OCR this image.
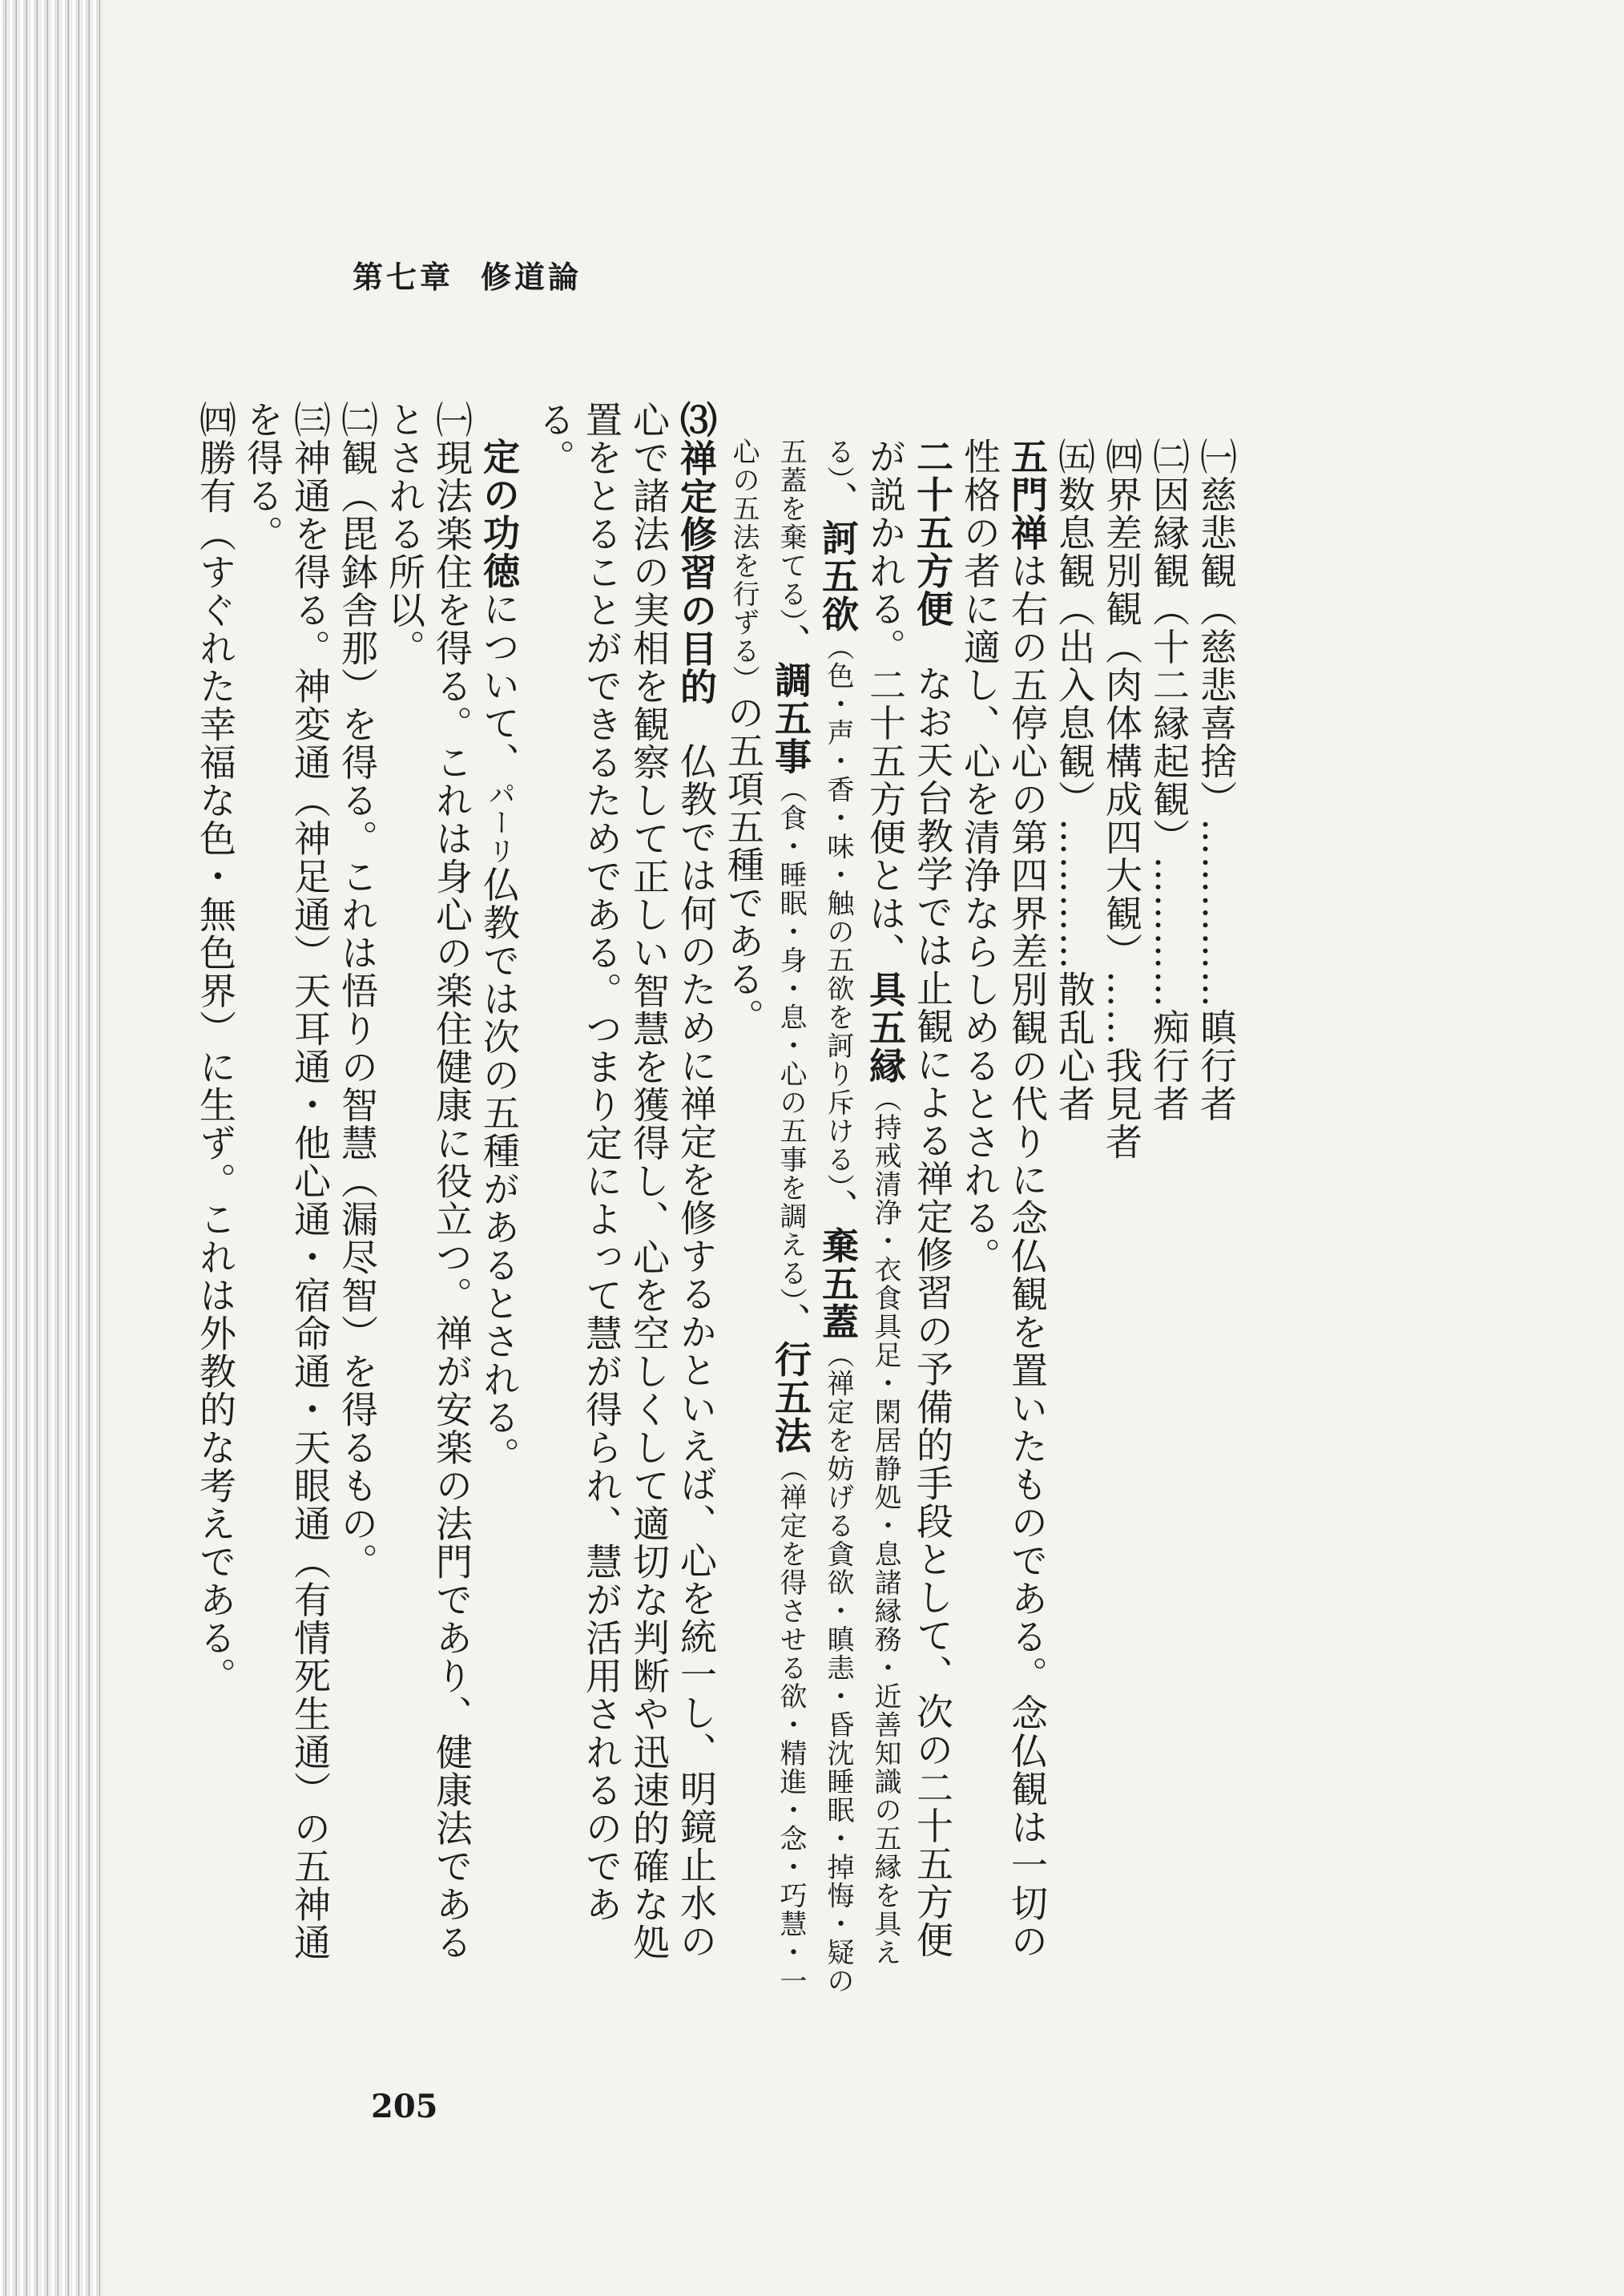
第七章 修道論

㈠慈悲観（慈悲喜捨）……………瞋行者

㈡因縁観（十二縁起観）…………痴行者

㈣界差別観（肉体構成四大観）……我見者

㈤数息観（出入息観）…………散乱心者

五門禅は右の五停心の第四界差別観の代りに念仏観を置いたものである。念仏観は一切の性格の者に適し、心を清浄ならしめるとされる。

二十五方便なお天台教学では止観による禅定修習の予備的手段として、次の二十五方便が説かれる。二十五方便とは、具五縁（持戒清浄・衣食具足・閑居静処・息諸縁務・近善知識の五縁を具える）、訶五欲（色・声・香・味・触の五欲を訶り斥ける）、棄五蓋（禅定を妨げる貪欲・瞋恚・昏沈睡眠・掉悔・疑の五蓋を棄てる）、調五事（食・睡眠・身・息・心の五事を調える）、行五法（禅定を得させる欲・精進・念・巧慧・一心の五法を行ずる）の五項五種である。

⑶禅定修習の目的仏教では何のために禅定を修するかといえば、心を統一し、明鏡止水の心で諸法の実相を観察して正しい智慧を獲得し、心を空しくして適切な判断や迅速的確な処置をとることができるためである。つまり定によって慧が得られ、慧が活用されるのである。

定の功徳について、パーリ仏教では次の五種があるとされる。

㈠現法楽住を得る。これは身心の楽住健康に役立つ。禅が安楽の法門であり、健康法であるとされる所以。

㈡観（毘鉢舎那）を得る。これは悟りの智慧（漏尽智）を得るもの。

㈢神通を得る。神変通（神足通）天耳通・他心通・宿命通・天眼通（有情死生通）の五神通を得る。

㈣勝有（すぐれた幸福な色・無色界）に生ず。これは外教的な考えである。

205
